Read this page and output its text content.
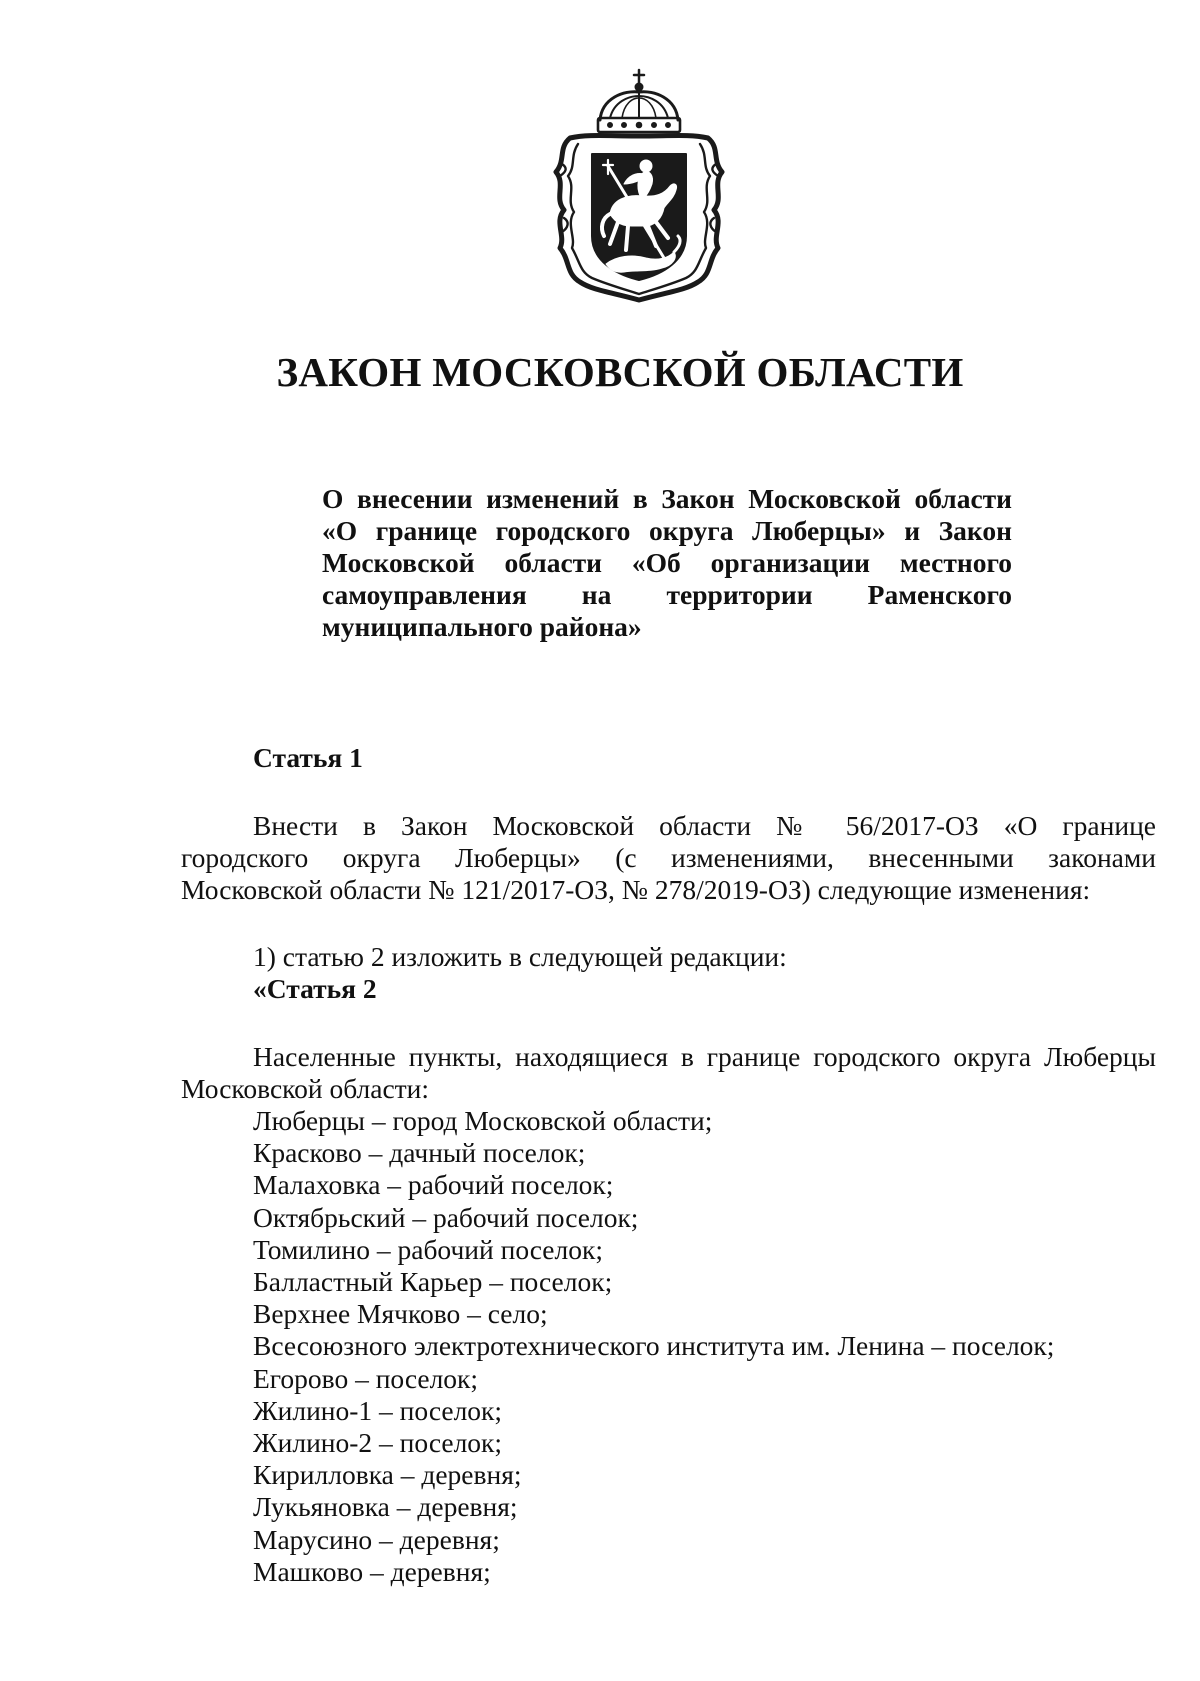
ЗАКОН МОСКОВСКОЙ ОБЛАСТИ
О внесении изменений в Закон Московской области
«О границе городского округа Люберцы» и Закон
Московской области «Об организации местного
самоуправления на территории Раменского
муниципального района»
Статья 1
Внести в Закон Московской области № 56/2017-ОЗ «О границе
городского округа Люберцы» (с изменениями, внесенными законами
Московской области № 121/2017-ОЗ, № 278/2019-ОЗ) следующие изменения:
1) статью 2 изложить в следующей редакции:
«Статья 2
Населенные пункты, находящиеся в границе городского округа Люберцы
Московской области:
Люберцы – город Московской области;
Красково – дачный поселок;
Малаховка – рабочий поселок;
Октябрьский – рабочий поселок;
Томилино – рабочий поселок;
Балластный Карьер – поселок;
Верхнее Мячково – село;
Всесоюзного электротехнического института им. Ленина – поселок;
Егорово – поселок;
Жилино-1 – поселок;
Жилино-2 – поселок;
Кирилловка – деревня;
Лукьяновка – деревня;
Марусино – деревня;
Машково – деревня;
